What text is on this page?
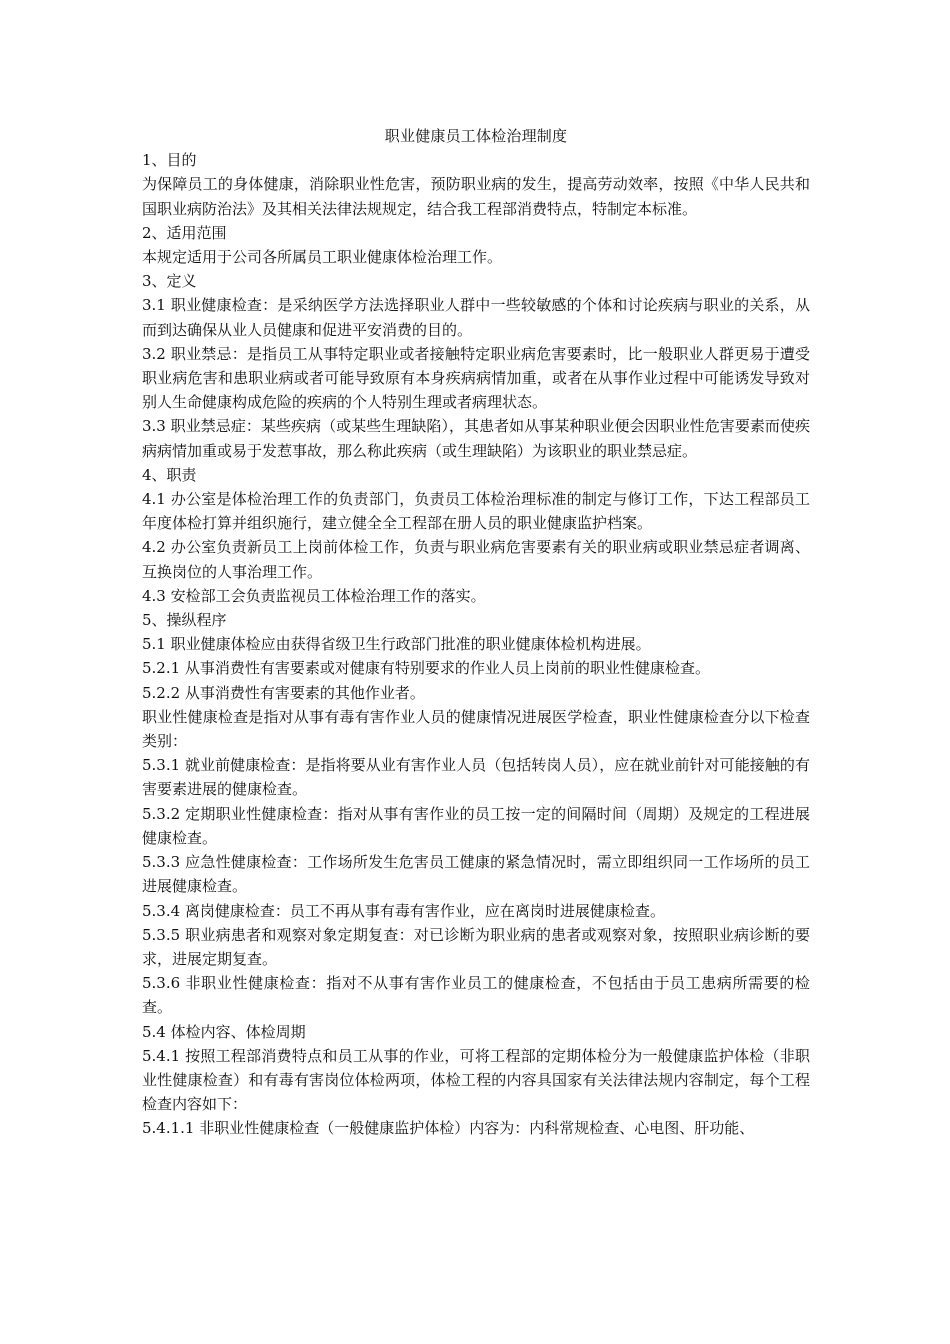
职业健康员工体检治理制度

1、目的

为保障员工的身体健康，消除职业性危害，预防职业病的发生，提高劳动效率，按照《中华人民共和国职业病防治法》及其相关法律法规规定，结合我工程部消费特点，特制定本标准。

2、适用范围

本规定适用于公司各所属员工职业健康体检治理工作。

3、定义

3.1 职业健康检查：是采纳医学方法选择职业人群中一些较敏感的个体和讨论疾病与职业的关系，从而到达确保从业人员健康和促进平安消费的目的。

3.2 职业禁忌：是指员工从事特定职业或者接触特定职业病危害要素时，比一般职业人群更易于遭受职业病危害和患职业病或者可能导致原有本身疾病病情加重，或者在从事作业过程中可能诱发导致对别人生命健康构成危险的疾病的个人特别生理或者病理状态。

3.3 职业禁忌症：某些疾病（或某些生理缺陷），其患者如从事某种职业便会因职业性危害要素而使疾病病情加重或易于发惹事故，那么称此疾病（或生理缺陷）为该职业的职业禁忌症。

4、职责

4.1 办公室是体检治理工作的负责部门，负责员工体检治理标准的制定与修订工作，下达工程部员工年度体检打算并组织施行，建立健全全工程部在册人员的职业健康监护档案。

4.2 办公室负责新员工上岗前体检工作，负责与职业病危害要素有关的职业病或职业禁忌症者调离、互换岗位的人事治理工作。

4.3 安检部工会负责监视员工体检治理工作的落实。

5、操纵程序

5.1 职业健康体检应由获得省级卫生行政部门批准的职业健康体检机构进展。

5.2.1 从事消费性有害要素或对健康有特别要求的作业人员上岗前的职业性健康检查。

5.2.2 从事消费性有害要素的其他作业者。

职业性健康检查是指对从事有毒有害作业人员的健康情况进展医学检查，职业性健康检查分以下检查类别：

5.3.1 就业前健康检查：是指将要从业有害作业人员（包括转岗人员），应在就业前针对可能接触的有害要素进展的健康检查。

5.3.2 定期职业性健康检查：指对从事有害作业的员工按一定的间隔时间（周期）及规定的工程进展健康检查。

5.3.3 应急性健康检查：工作场所发生危害员工健康的紧急情况时，需立即组织同一工作场所的员工进展健康检查。

5.3.4 离岗健康检查：员工不再从事有毒有害作业，应在离岗时进展健康检查。

5.3.5 职业病患者和观察对象定期复查：对已诊断为职业病的患者或观察对象，按照职业病诊断的要求，进展定期复查。

5.3.6 非职业性健康检查：指对不从事有害作业员工的健康检查，不包括由于员工患病所需要的检查。

5.4 体检内容、体检周期

5.4.1 按照工程部消费特点和员工从事的作业，可将工程部的定期体检分为一般健康监护体检（非职业性健康检查）和有毒有害岗位体检两项，体检工程的内容具国家有关法律法规内容制定，每个工程检查内容如下：

5.4.1.1 非职业性健康检查（一般健康监护体检）内容为：内科常规检查、心电图、肝功能、
